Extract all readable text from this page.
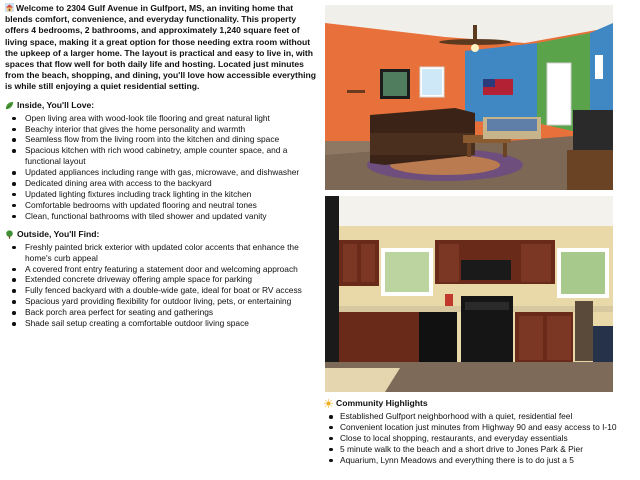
Welcome to 2304 Gulf Avenue in Gulfport, MS, an inviting home that blends comfort, convenience, and everyday functionality. This property offers 4 bedrooms, 2 bathrooms, and approximately 1,240 square feet of living space, making it a great option for those needing extra room without the upkeep of a larger home. The layout is practical and easy to live in, with spaces that flow well for both daily life and hosting. Located just minutes from the beach, shopping, and dining, you'll love how accessible everything is while still enjoying a quiet residential setting.

Inside, You'll Love:
Open living area with wood-look tile flooring and great natural light
Beachy interior that gives the home personality and warmth
Seamless flow from the living room into the kitchen and dining space
Spacious kitchen with rich wood cabinetry, ample counter space, and a functional layout
Updated appliances including range with gas, microwave, and dishwasher
Dedicated dining area with access to the backyard
Updated lighting fixtures including track lighting in the kitchen
Comfortable bedrooms with updated flooring and neutral tones
Clean, functional bathrooms with tiled shower and updated vanity
Outside, You'll Find:
Freshly painted brick exterior with updated color accents that enhance the home's curb appeal
A covered front entry featuring a statement door and welcoming approach
Extended concrete driveway offering ample space for parking
Fully fenced backyard with a double-wide gate, ideal for boat or RV access
Spacious yard providing flexibility for outdoor living, pets, or entertaining
Back porch area perfect for seating and gatherings
Shade sail setup creating a comfortable outdoor living space
Community Highlights
Established Gulfport neighborhood with a quiet, residential feel
Convenient location just minutes from Highway 90 and easy access to I-10
Close to local shopping, restaurants, and everyday essentials
5 minute walk to the beach and a short drive to Jones Park & Pier
Aquarium, Lynn Meadows and everything there is to do just a 5
